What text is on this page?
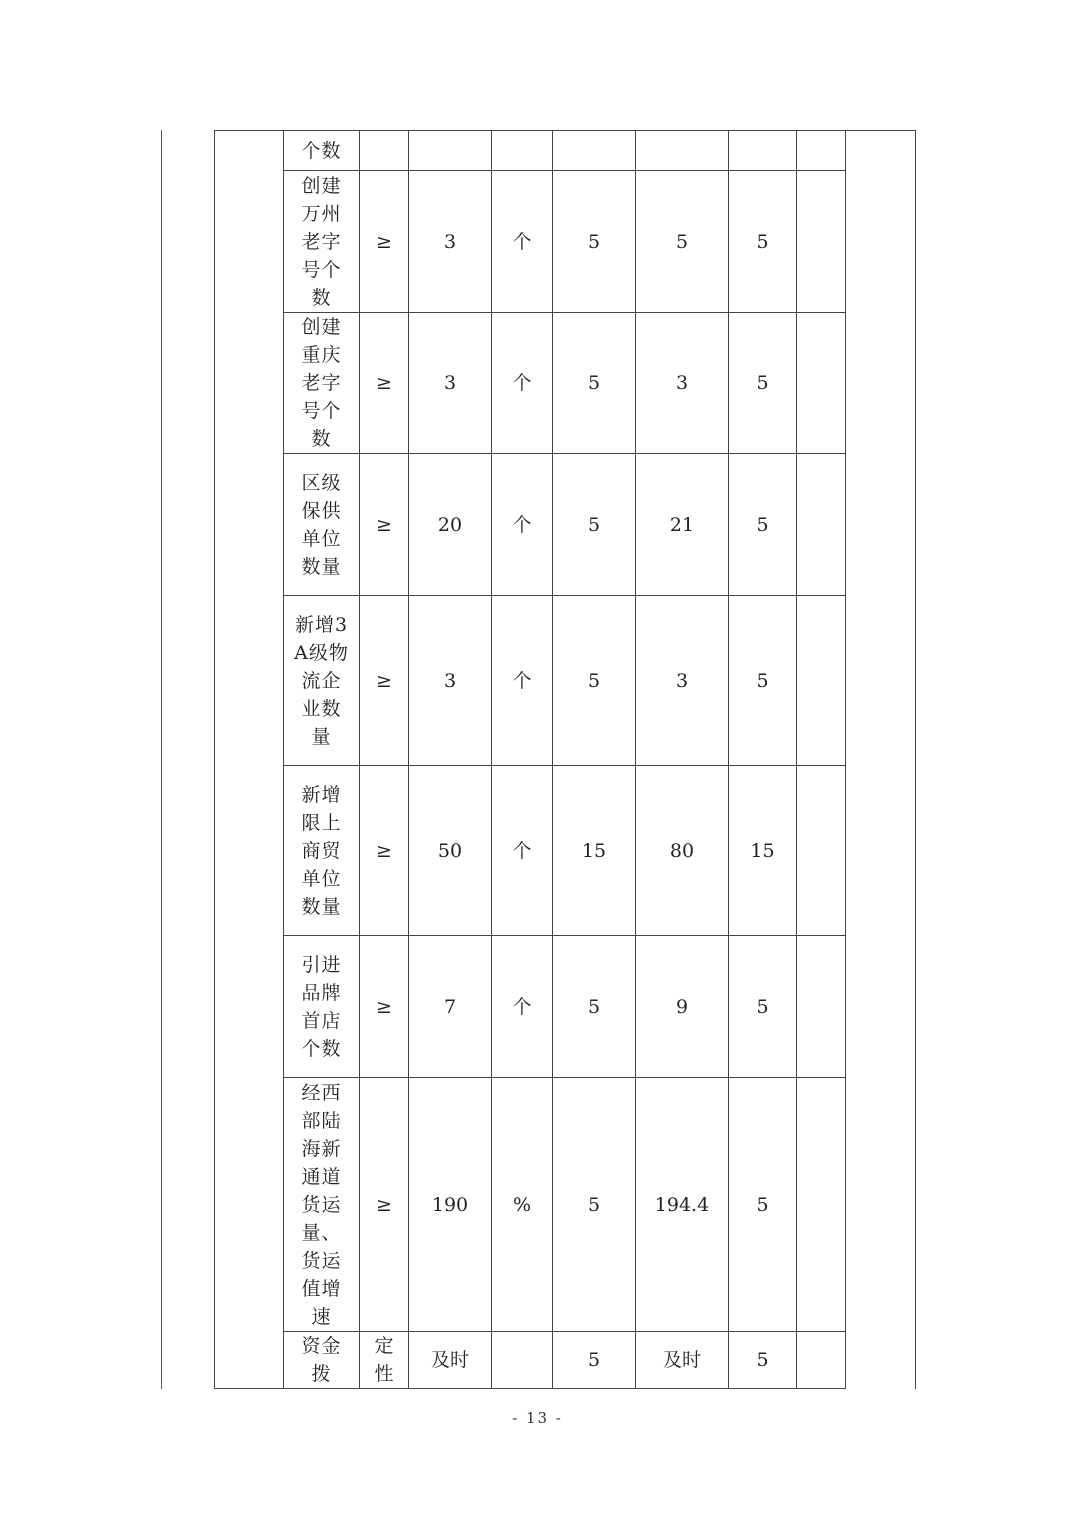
	个数								

	创建万州老字号个数	≥	3	个	5	5	5		

	创建重庆老字号个数	≥	3	个	5	3	5		

	区级保供单位数量	≥	20	个	5	21	5		

	新增3A级物流企业数量	≥	3	个	5	3	5		

	新增限上商贸单位数量	≥	50	个	15	80	15		

	引进品牌首店个数	≥	7	个	5	9	5		

	经西部陆海新通道货运量、货运值增速	≥	190	%	5	194.4	5		

	资金拨	定性	及时		5	及时	5		
- 13 -
